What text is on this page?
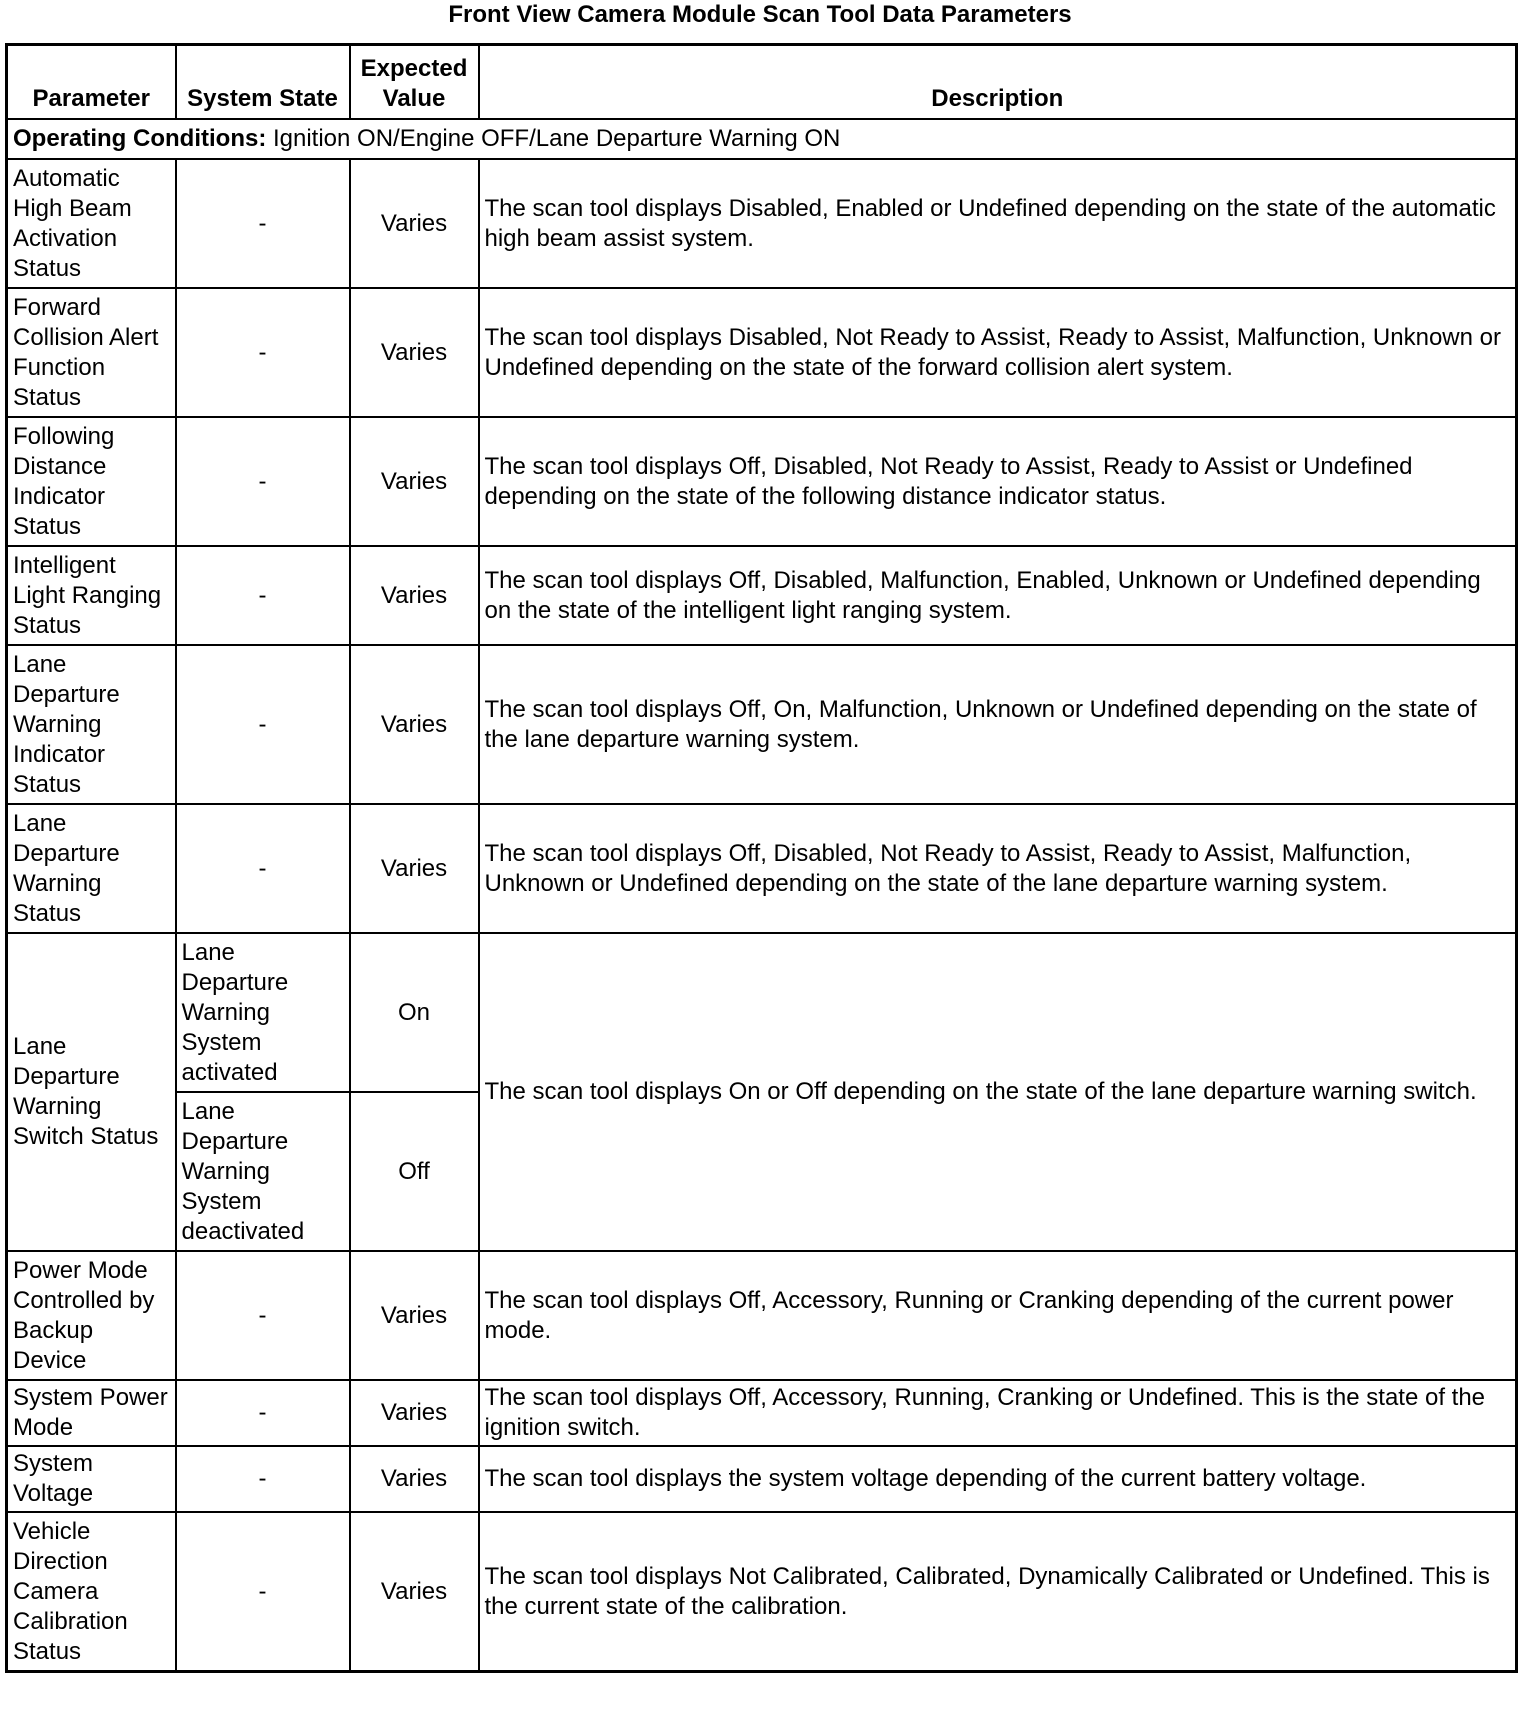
Front View Camera Module Scan Tool Data Parameters
Parameter	System State	Expected Value	Description
Operating Conditions: Ignition ON/Engine OFF/Lane Departure Warning ON			
Automatic High Beam Activation Status	-	Varies	The scan tool displays Disabled, Enabled or Undefined depending on the state of the automatic high beam assist system.
Forward Collision Alert Function Status	-	Varies	The scan tool displays Disabled, Not Ready to Assist, Ready to Assist, Malfunction, Unknown or Undefined depending on the state of the forward collision alert system.
Following Distance Indicator Status	-	Varies	The scan tool displays Off, Disabled, Not Ready to Assist, Ready to Assist or Undefined depending on the state of the following distance indicator status.
Intelligent Light Ranging Status	-	Varies	The scan tool displays Off, Disabled, Malfunction, Enabled, Unknown or Undefined depending on the state of the intelligent light ranging system.
Lane Departure Warning Indicator Status	-	Varies	The scan tool displays Off, On, Malfunction, Unknown or Undefined depending on the state of the lane departure warning system.
Lane Departure Warning Status	-	Varies	The scan tool displays Off, Disabled, Not Ready to Assist, Ready to Assist, Malfunction, Unknown or Undefined depending on the state of the lane departure warning system.
Lane Departure Warning Switch Status	Lane Departure Warning System activated	On	The scan tool displays On or Off depending on the state of the lane departure warning switch.
	Lane Departure Warning System deactivated	Off	
Power Mode Controlled by Backup Device	-	Varies	The scan tool displays Off, Accessory, Running or Cranking depending of the current power mode.
System Power Mode	-	Varies	The scan tool displays Off, Accessory, Running, Cranking or Undefined. This is the state of the ignition switch.
System Voltage	-	Varies	The scan tool displays the system voltage depending of the current battery voltage.
Vehicle Direction Camera Calibration Status	-	Varies	The scan tool displays Not Calibrated, Calibrated, Dynamically Calibrated or Undefined. This is the current state of the calibration.
